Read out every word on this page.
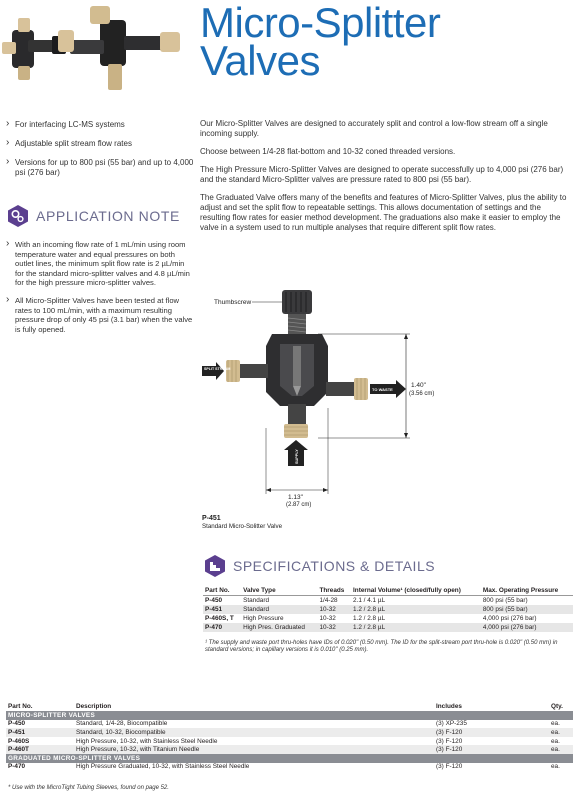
Micro-Splitter
Valves
› For interfacing LC-MS systems
› Adjustable split stream flow rates
› Versions for up to 800 psi (55 bar) and up to 4,000 psi (276 bar)
APPLICATION NOTE
› With an incoming flow rate of 1 mL/min using room temperature water and equal pressures on both outlet lines, the minimum split flow rate is 2 µL/min for the standard micro-splitter valves and 4.8 µL/min for the high pressure micro-splitter valves.
› All Micro-Splitter Valves have been tested at flow rates to 100 mL/min, with a maximum resulting pressure drop of only 45 psi (3.1 bar) when the valve is fully opened.

Our Micro-Splitter Valves are designed to accurately split and control a low-flow stream off a single incoming supply.

Choose between 1/4-28 flat-bottom and 10-32 coned threaded versions.

The High Pressure Micro-Splitter Valves are designed to operate successfully up to 4,000 psi (276 bar) and the standard Micro-Splitter valves are pressure rated to 800 psi (55 bar).

The Graduated Valve offers many of the benefits and features of Micro-Splitter Valves, plus the ability to adjust and set the split flow to repeatable settings. This allows documentation of settings and the resulting flow rates for easier method development. The graduations also make it easier to employ the valve in a system used to run multiple analyses that require different split flow rates.

Thumbscrew
SPLIT STREAM
TO WASTE
SUPPLY
1.40"
(3.56 cm)
1.13"
(2.87 cm)
P-451
Standard Micro-Splitter Valve
SPECIFICATIONS & DETAILS
Part No.	Valve Type	Threads	Internal Volume¹ (closed/fully open)	Max. Operating Pressure
P-450	Standard	1/4-28	2.1 / 4.1 µL	800 psi (55 bar)
P-451	Standard	10-32	1.2 / 2.8 µL	800 psi (55 bar)
P-460S, T	High Pressure	10-32	1.2 / 2.8 µL	4,000 psi (276 bar)
P-470	High Pres. Graduated	10-32	1.2 / 2.8 µL	4,000 psi (276 bar)

¹ The supply and waste port thru-holes have IDs of 0.020" (0.50 mm). The ID for the split-stream port thru-hole is 0.020" (0.50 mm) in standard versions; in capillary versions it is 0.010" (0.25 mm).

Part No.	Description	Includes	Qty.
MICRO-SPLITTER VALVES			
P-450	Standard, 1/4-28, Biocompatible	(3) XP-235	ea.
P-451	Standard, 10-32, Biocompatible	(3) F-120	ea.
P-460S	High Pressure, 10-32, with Stainless Steel Needle	(3) F-120	ea.
P-460T	High Pressure, 10-32, with Titanium Needle	(3) F-120	ea.
GRADUATED MICRO-SPLITTER VALVES			
P-470	High Pressure Graduated, 10-32, with Stainless Steel Needle	(3) F-120	ea.

* Use with the MicroTight Tubing Sleeves, found on page 52.
